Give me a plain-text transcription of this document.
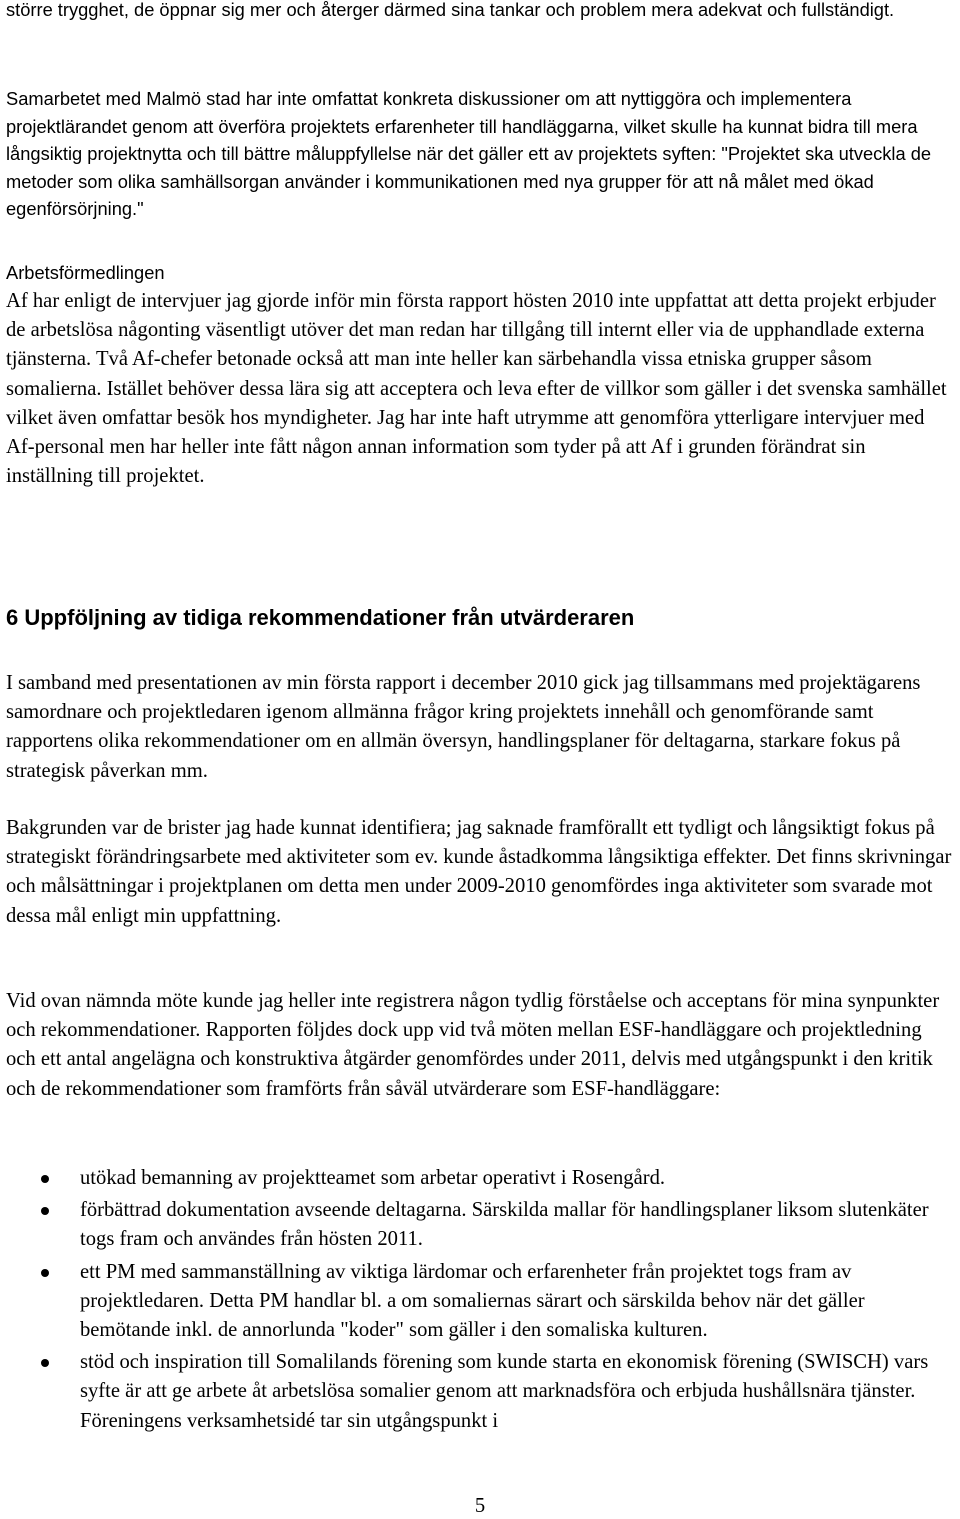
större trygghet, de öppnar sig mer och återger därmed sina tankar och problem mera adekvat och fullständigt.

Samarbetet med Malmö stad har inte omfattat konkreta diskussioner om att nyttiggöra och implementera projektlärandet genom att överföra projektets erfarenheter till handläggarna, vilket skulle ha kunnat bidra till mera långsiktig projektnytta och till bättre måluppfyllelse när det gäller ett av projektets syften: "Projektet ska utveckla de metoder som olika samhällsorgan använder i kommunikationen med nya grupper för att nå målet med ökad egenförsörjning."

Arbetsförmedlingen

Af har enligt de intervjuer jag gjorde inför min första rapport hösten 2010 inte uppfattat att detta projekt erbjuder de arbetslösa någonting väsentligt utöver det man redan har tillgång till internt eller via de upphandlade externa tjänsterna. Två Af-chefer betonade också att man inte heller kan särbehandla vissa etniska grupper såsom somalierna. Istället behöver dessa lära sig att acceptera och leva efter de villkor som gäller i det svenska samhället vilket även omfattar besök hos myndigheter. Jag har inte haft utrymme att genomföra ytterligare intervjuer med Af-personal men har heller inte fått någon annan information som tyder på att Af i grunden förändrat sin inställning till projektet.

6 Uppföljning av tidiga rekommendationer från utvärderaren

I samband med presentationen av min första rapport i december 2010 gick jag tillsammans med projektägarens samordnare och projektledaren igenom allmänna frågor kring projektets innehåll och genomförande samt rapportens olika rekommendationer om en allmän översyn, handlingsplaner för deltagarna, starkare fokus på strategisk påverkan mm.

Bakgrunden var de brister jag hade kunnat identifiera; jag saknade framförallt ett tydligt och långsiktigt fokus på strategiskt förändringsarbete med aktiviteter som ev. kunde åstadkomma långsiktiga effekter. Det finns skrivningar och målsättningar i projektplanen om detta men under 2009-2010 genomfördes inga aktiviteter som svarade mot dessa mål enligt min uppfattning.

Vid ovan nämnda möte kunde jag heller inte registrera någon tydlig förståelse och acceptans för mina synpunkter och rekommendationer. Rapporten följdes dock upp vid två möten mellan ESF-handläggare och projektledning och ett antal angelägna och konstruktiva åtgärder genomfördes under 2011, delvis med utgångspunkt i den kritik och de rekommendationer som framförts från såväl utvärderare som ESF-handläggare:

utökad bemanning av projektteamet som arbetar operativt i Rosengård.
förbättrad dokumentation avseende deltagarna. Särskilda mallar för handlingsplaner liksom slutenkäter togs fram och användes från hösten 2011.
ett PM med sammanställning av viktiga lärdomar och erfarenheter från projektet togs fram av projektledaren. Detta PM handlar bl. a om somaliernas särart och särskilda behov när det gäller bemötande inkl. de annorlunda "koder" som gäller i den somaliska kulturen.
stöd och inspiration till Somalilands förening som kunde starta en ekonomisk förening (SWISCH) vars syfte är att ge arbete åt arbetslösa somalier genom att marknadsföra och erbjuda hushållsnära tjänster. Föreningens verksamhetsidé tar sin utgångspunkt i
5
